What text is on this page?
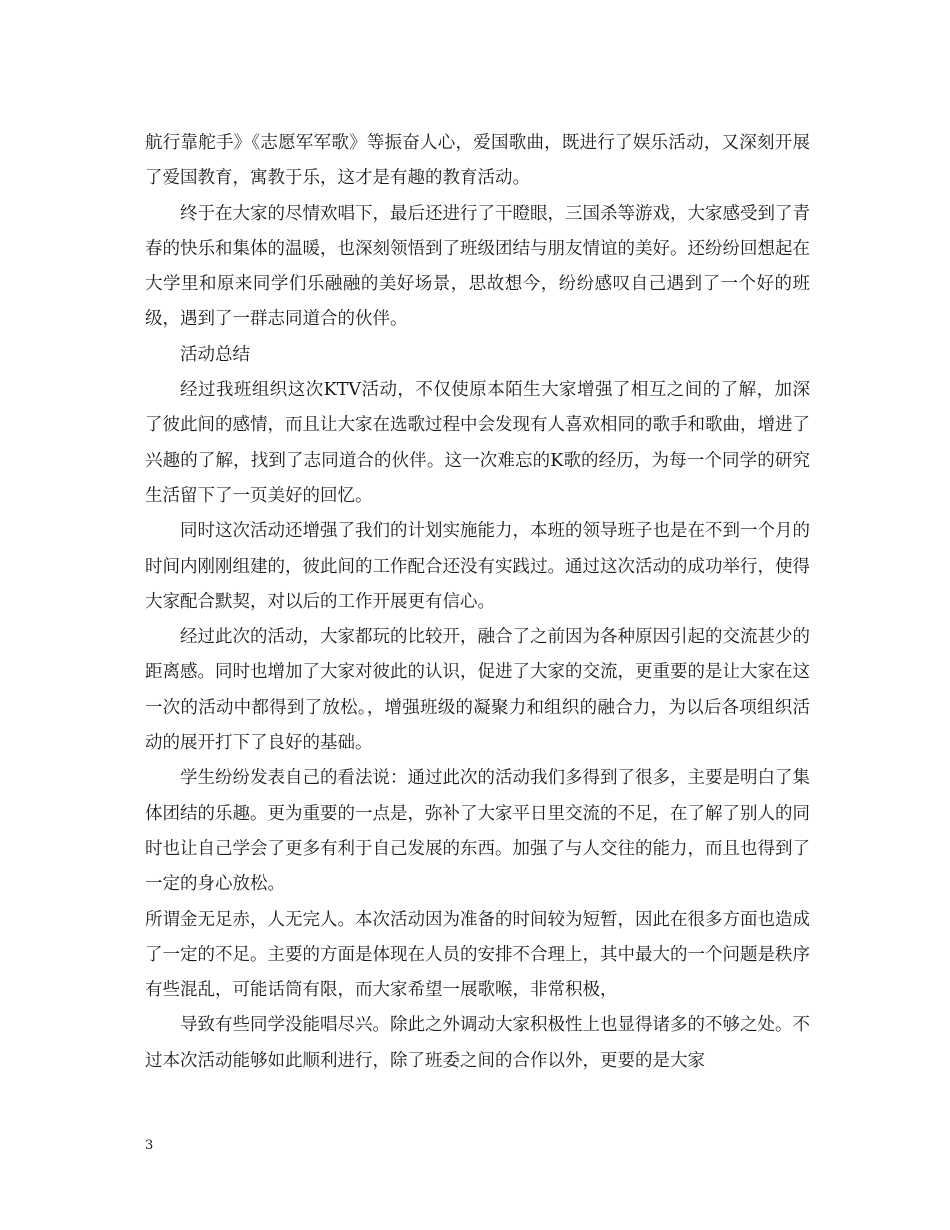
航行靠舵手》《志愿军军歌》等振奋人心，爱国歌曲，既进行了娱乐活动，又深刻开展了爱国教育，寓教于乐，这才是有趣的教育活动。

终于在大家的尽情欢唱下，最后还进行了干瞪眼，三国杀等游戏，大家感受到了青春的快乐和集体的温暖，也深刻领悟到了班级团结与朋友情谊的美好。还纷纷回想起在大学里和原来同学们乐融融的美好场景，思故想今，纷纷感叹自己遇到了一个好的班级，遇到了一群志同道合的伙伴。

活动总结

经过我班组织这次KTV活动，不仅使原本陌生大家增强了相互之间的了解，加深了彼此间的感情，而且让大家在选歌过程中会发现有人喜欢相同的歌手和歌曲，增进了兴趣的了解，找到了志同道合的伙伴。这一次难忘的K歌的经历，为每一个同学的研究生活留下了一页美好的回忆。

同时这次活动还增强了我们的计划实施能力，本班的领导班子也是在不到一个月的时间内刚刚组建的，彼此间的工作配合还没有实践过。通过这次活动的成功举行，使得大家配合默契，对以后的工作开展更有信心。

经过此次的活动，大家都玩的比较开，融合了之前因为各种原因引起的交流甚少的距离感。同时也增加了大家对彼此的认识，促进了大家的交流，更重要的是让大家在这一次的活动中都得到了放松。，增强班级的凝聚力和组织的融合力，为以后各项组织活动的展开打下了良好的基础。

学生纷纷发表自己的看法说：通过此次的活动我们多得到了很多，主要是明白了集体团结的乐趣。更为重要的一点是，弥补了大家平日里交流的不足，在了解了别人的同时也让自己学会了更多有利于自己发展的东西。加强了与人交往的能力，而且也得到了一定的身心放松。

所谓金无足赤，人无完人。本次活动因为准备的时间较为短暂，因此在很多方面也造成了一定的不足。主要的方面是体现在人员的安排不合理上，其中最大的一个问题是秩序有些混乱，可能话筒有限，而大家希望一展歌喉，非常积极，

导致有些同学没能唱尽兴。除此之外调动大家积极性上也显得诸多的不够之处。不过本次活动能够如此顺利进行，除了班委之间的合作以外，更要的是大家

3
